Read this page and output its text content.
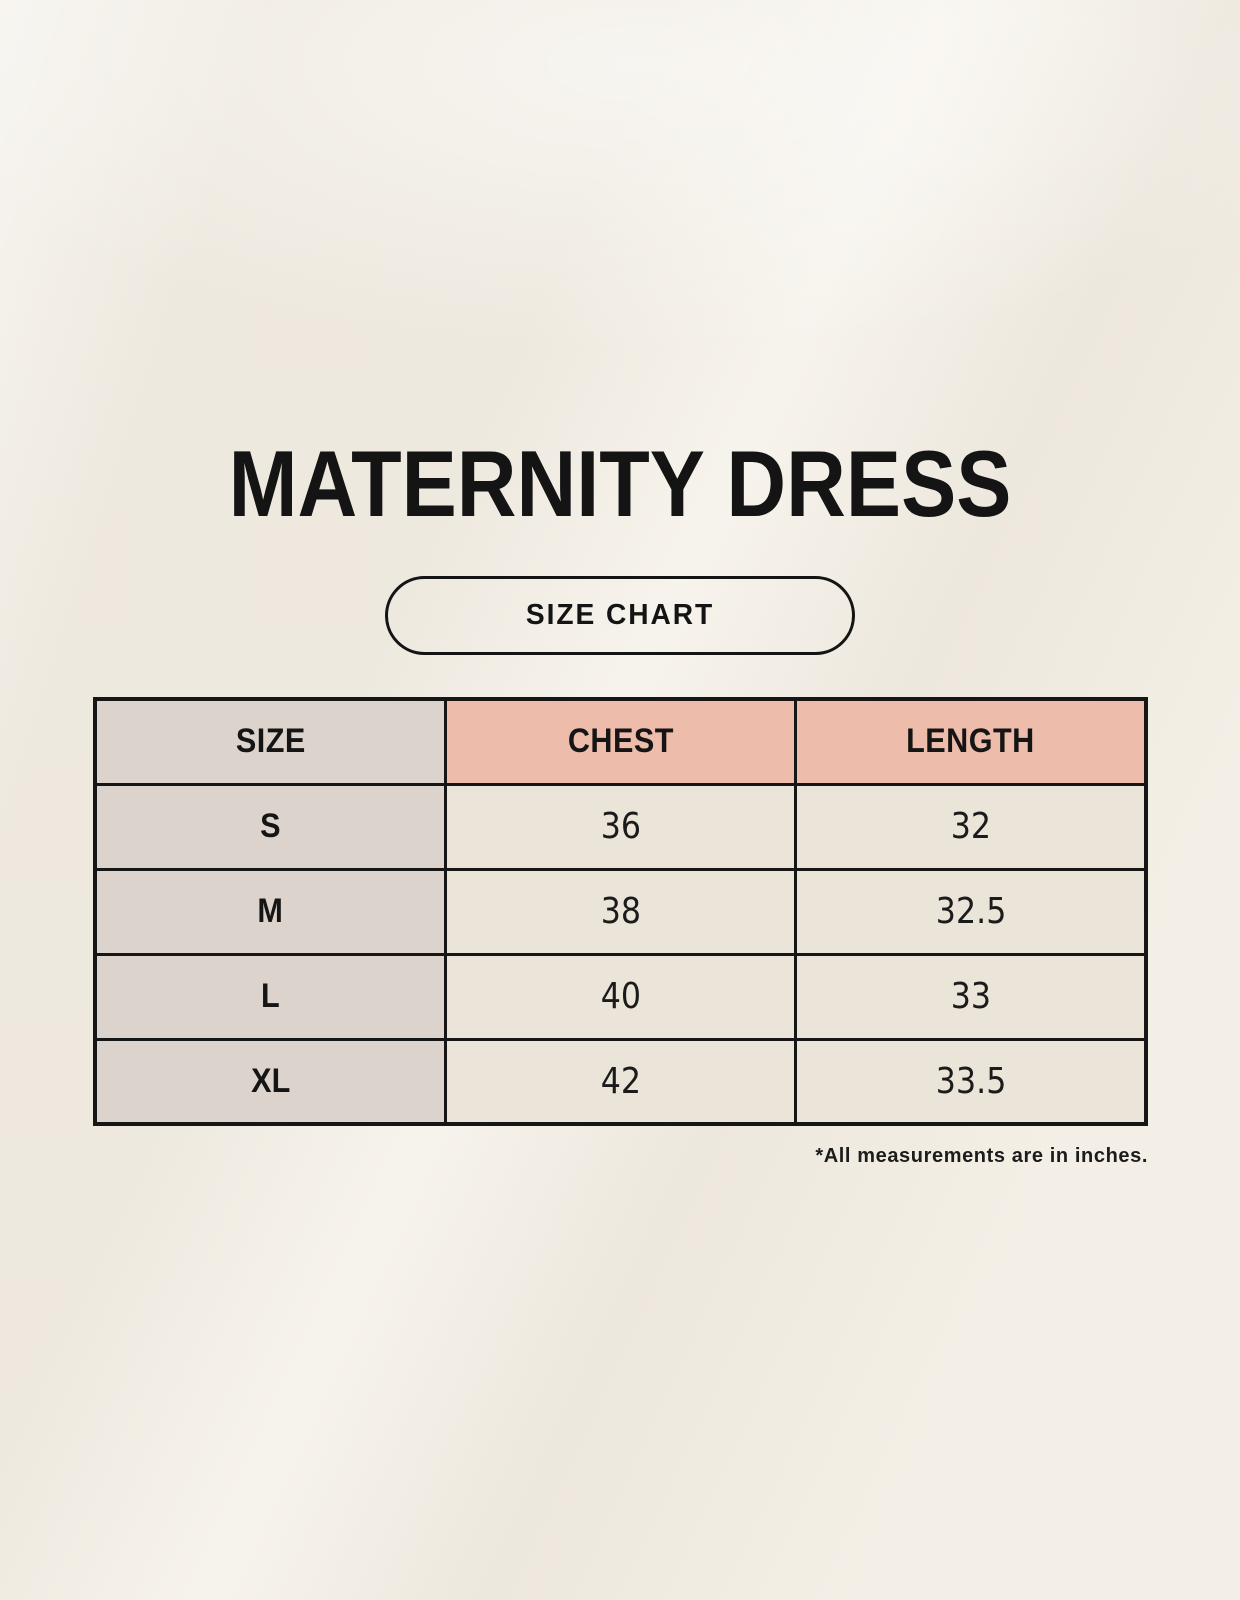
MATERNITY DRESS
SIZE CHART
SIZE	CHEST	LENGTH
S	36	32
M	38	32.5
L	40	33
XL	42	33.5

*All measurements are in inches.
